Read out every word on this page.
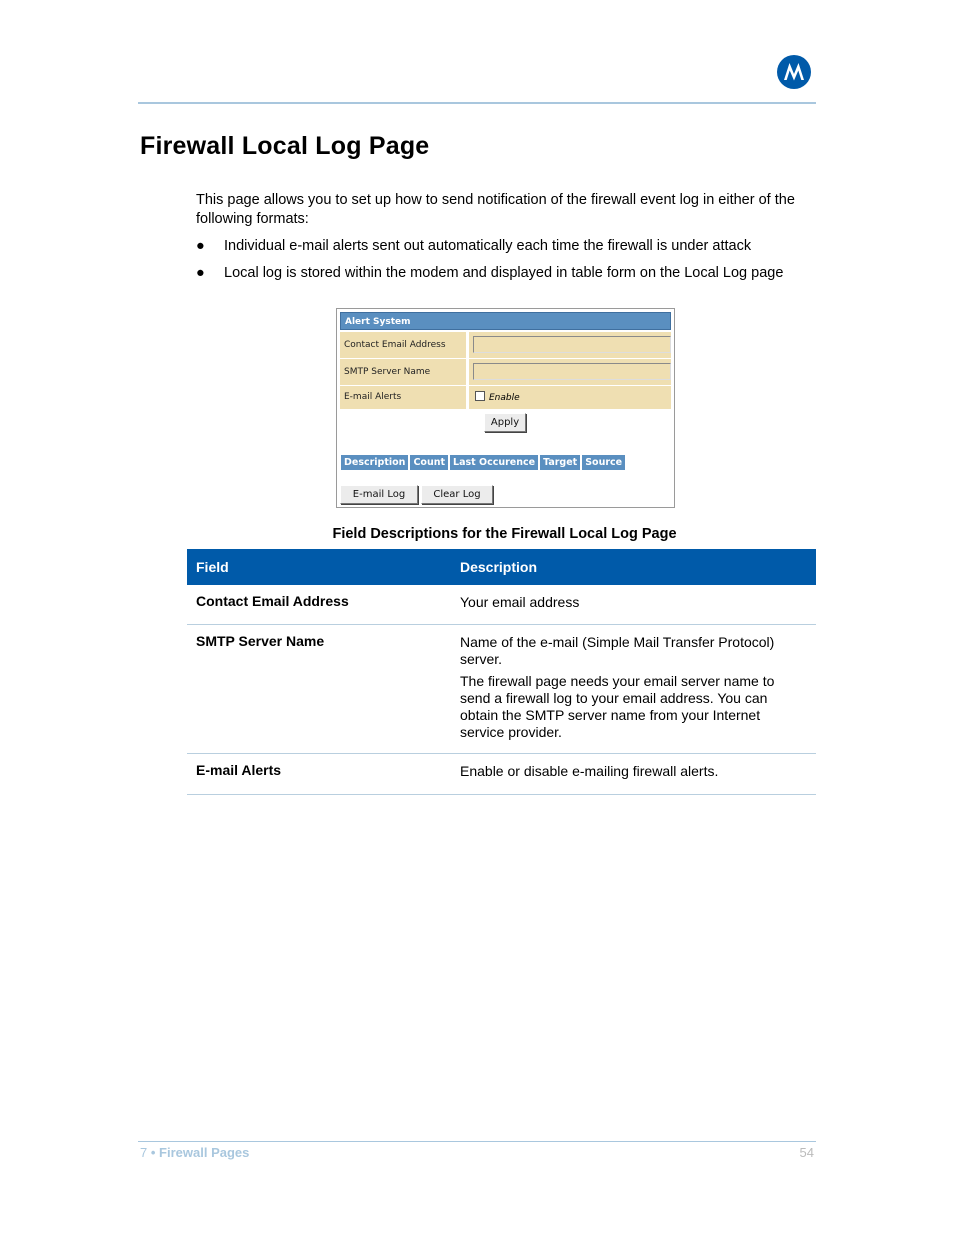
Firewall Local Log Page

This page allows you to set up how to send notification of the firewall event log in either of the following formats:

● Individual e-mail alerts sent out automatically each time the firewall is under attack
● Local log is stored within the modem and displayed in table form on the Local Log page
Alert System
Contact Email Address
SMTP Server Name
E-mail Alerts	Enable
Apply
Description Count Last Occurence Target Source
E-mail Log	Clear Log
Field Descriptions for the Firewall Local Log Page
Field	Description
Contact Email Address	Your email address

SMTP Server Name	Name of the e-mail (Simple Mail Transfer Protocol) server.

The firewall page needs your email server name to send a firewall log to your email address. You can obtain the SMTP server name from your Internet service provider.

E-mail Alerts	Enable or disable e-mailing firewall alerts.

7 • Firewall Pages	54
